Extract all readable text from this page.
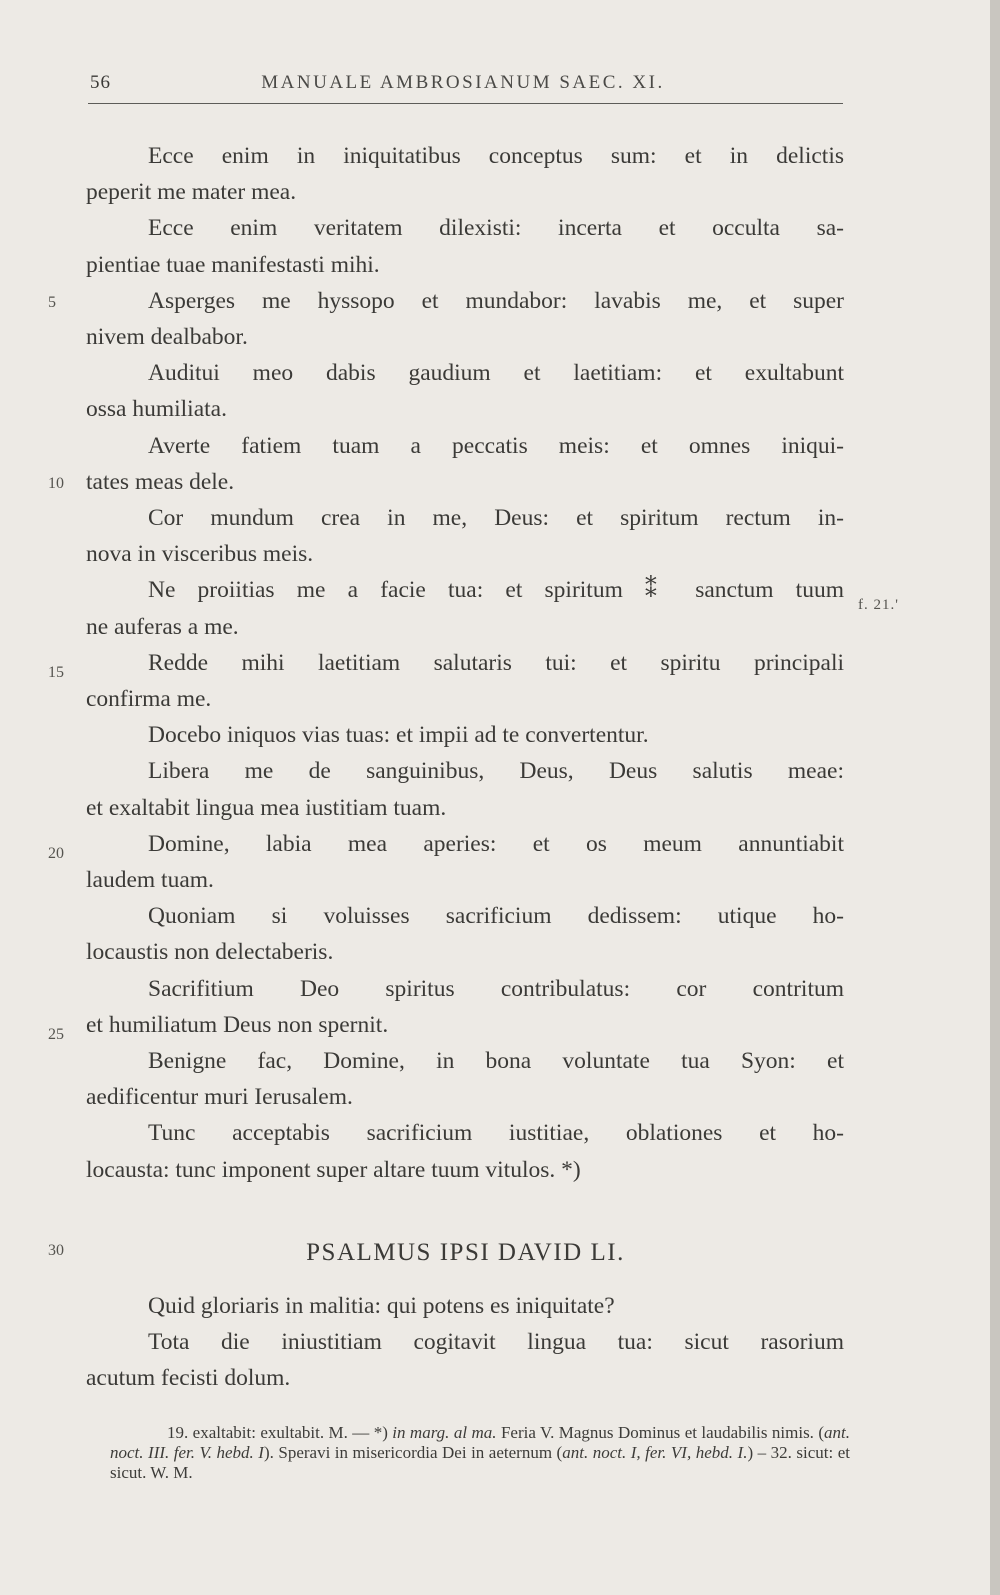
56	MANUALE AMBROSIANUM SAEC. XI.

Ecce enim in iniquitatibus conceptus sum: et in delictis
peperit me mater mea.

Ecce enim veritatem dilexisti: incerta et occulta sa-
pientiae tuae manifestasti mihi.

Asperges me hyssopo et mundabor: lavabis me, et super
nivem dealbabor.

Auditui meo dabis gaudium et laetitiam: et exultabunt
ossa humiliata.

Averte fatiem tuam a peccatis meis: et omnes iniqui-
tates meas dele.

Cor mundum crea in me, Deus: et spiritum rectum in-
nova in visceribus meis.

Ne proiitias me a facie tua: et spiritum ⁑ sanctum tuum
ne auferas a me.

Redde mihi laetitiam salutaris tui: et spiritu principali
confirma me.

Docebo iniquos vias tuas: et impii ad te convertentur.

Libera me de sanguinibus, Deus, Deus salutis meae:
et exaltabit lingua mea iustitiam tuam.

Domine, labia mea aperies: et os meum annuntiabit
laudem tuam.

Quoniam si voluisses sacrificium dedissem: utique ho-
locaustis non delectaberis.

Sacrifitium Deo spiritus contribulatus: cor contritum
et humiliatum Deus non spernit.

Benigne fac, Domine, in bona voluntate tua Syon: et
aedificentur muri Ierusalem.

Tunc acceptabis sacrificium iustitiae, oblationes et ho-
locausta: tunc imponent super altare tuum vitulos. *)

PSALMUS IPSI DAVID LI.

Quid gloriaris in malitia: qui potens es iniquitate?

Tota die iniustitiam cogitavit lingua tua: sicut rasorium
acutum fecisti dolum.

5
10
15
20
25
30
f. 21.'

19. exaltabit: exultabit. M. — *) in marg. al ma. Feria V. Magnus Dominus et laudabilis nimis. (ant. noct. III. fer. V. hebd. I). Speravi in misericordia Dei in aeternum (ant. noct. I, fer. VI, hebd. I.) – 32. sicut: et sicut. W. M.
